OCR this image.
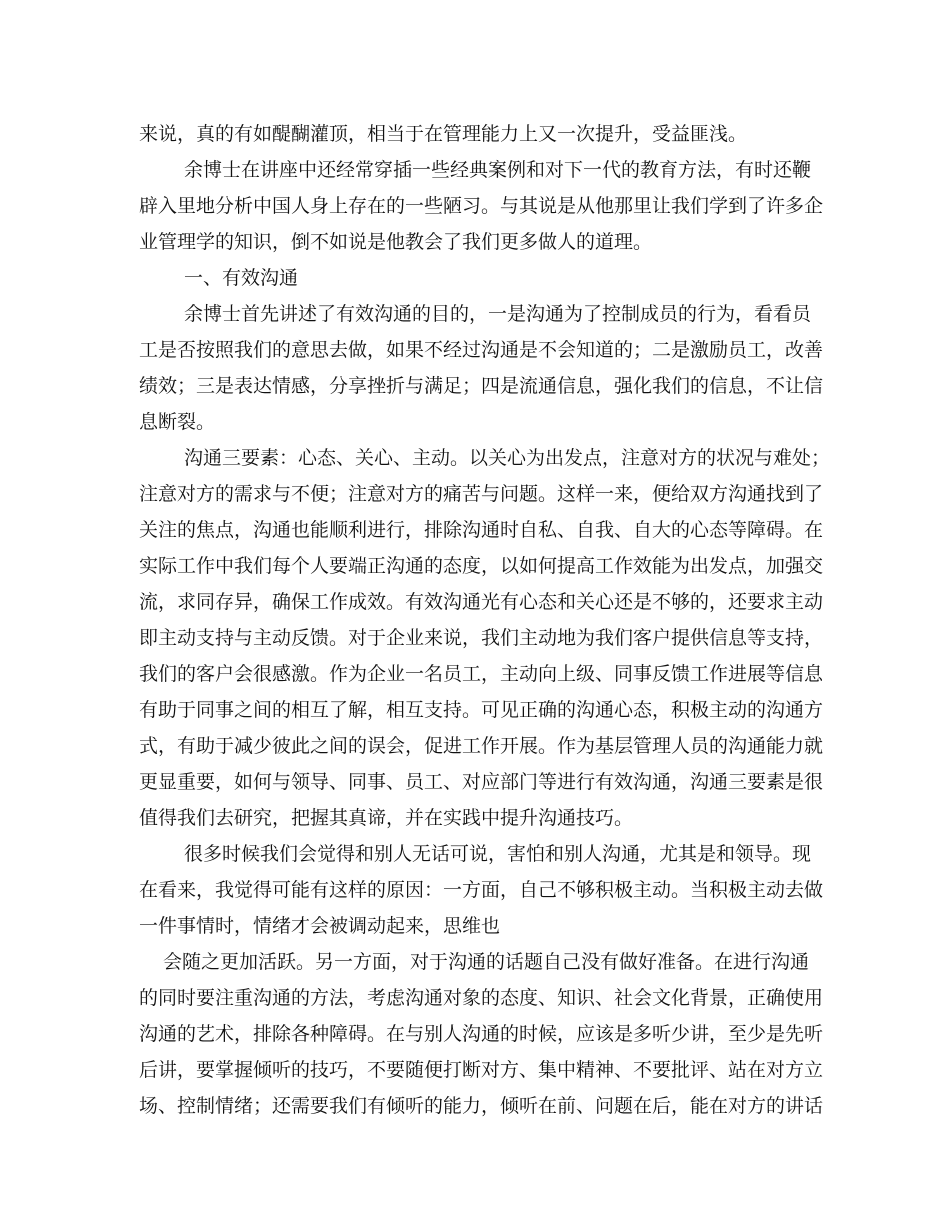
来说，真的有如醍醐灌顶，相当于在管理能力上又一次提升，受益匪浅。
余博士在讲座中还经常穿插一些经典案例和对下一代的教育方法，有时还鞭
辟入里地分析中国人身上存在的一些陋习。与其说是从他那里让我们学到了许多企
业管理学的知识，倒不如说是他教会了我们更多做人的道理。
一、有效沟通
余博士首先讲述了有效沟通的目的，一是沟通为了控制成员的行为，看看员
工是否按照我们的意思去做，如果不经过沟通是不会知道的；二是激励员工，改善
绩效；三是表达情感，分享挫折与满足；四是流通信息，强化我们的信息，不让信
息断裂。
沟通三要素：心态、关心、主动。以关心为出发点，注意对方的状况与难处；
注意对方的需求与不便；注意对方的痛苦与问题。这样一来，便给双方沟通找到了
关注的焦点，沟通也能顺利进行，排除沟通时自私、自我、自大的心态等障碍。在
实际工作中我们每个人要端正沟通的态度，以如何提高工作效能为出发点，加强交
流，求同存异，确保工作成效。有效沟通光有心态和关心还是不够的，还要求主动
即主动支持与主动反馈。对于企业来说，我们主动地为我们客户提供信息等支持，
我们的客户会很感激。作为企业一名员工，主动向上级、同事反馈工作进展等信息
有助于同事之间的相互了解，相互支持。可见正确的沟通心态，积极主动的沟通方
式，有助于减少彼此之间的误会，促进工作开展。作为基层管理人员的沟通能力就
更显重要，如何与领导、同事、员工、对应部门等进行有效沟通，沟通三要素是很
值得我们去研究，把握其真谛，并在实践中提升沟通技巧。
很多时候我们会觉得和别人无话可说，害怕和别人沟通，尤其是和领导。现
在看来，我觉得可能有这样的原因：一方面，自己不够积极主动。当积极主动去做
一件事情时，情绪才会被调动起来，思维也
会随之更加活跃。另一方面，对于沟通的话题自己没有做好准备。在进行沟通
的同时要注重沟通的方法，考虑沟通对象的态度、知识、社会文化背景，正确使用
沟通的艺术，排除各种障碍。在与别人沟通的时候，应该是多听少讲，至少是先听
后讲，要掌握倾听的技巧，不要随便打断对方、集中精神、不要批评、站在对方立
场、控制情绪；还需要我们有倾听的能力，倾听在前、问题在后，能在对方的讲话
